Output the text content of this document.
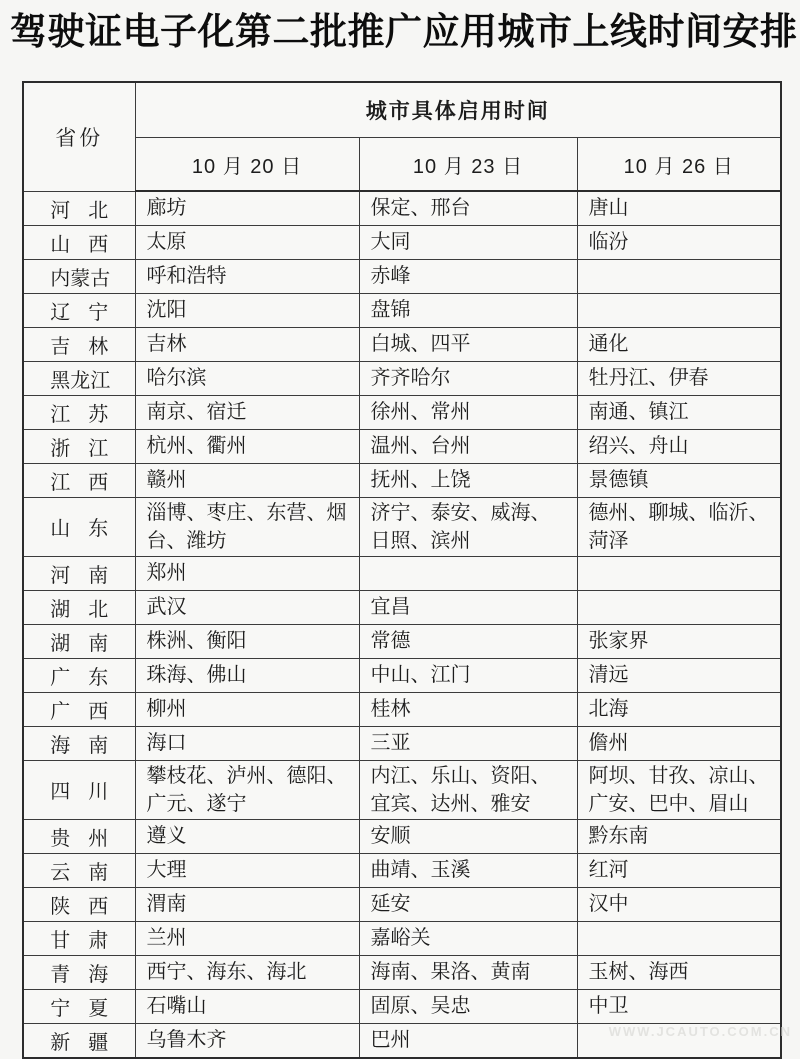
驾驶证电子化第二批推广应用城市上线时间安排
省份	城市具体启用时间		
	10 月 20 日	10 月 23 日	10 月 26 日
河北	廊坊	保定、邢台	唐山
山西	太原	大同	临汾
内蒙古	呼和浩特	赤峰	
辽宁	沈阳	盘锦	
吉林	吉林	白城、四平	通化
黑龙江	哈尔滨	齐齐哈尔	牡丹江、伊春
江苏	南京、宿迁	徐州、常州	南通、镇江
浙江	杭州、衢州	温州、台州	绍兴、舟山
江西	赣州	抚州、上饶	景德镇
山东	淄博、枣庄、东营、烟台、潍坊	济宁、泰安、威海、日照、滨州	德州、聊城、临沂、菏泽
河南	郑州		
湖北	武汉	宜昌	
湖南	株洲、衡阳	常德	张家界
广东	珠海、佛山	中山、江门	清远
广西	柳州	桂林	北海
海南	海口	三亚	儋州
四川	攀枝花、泸州、德阳、广元、遂宁	内江、乐山、资阳、宜宾、达州、雅安	阿坝、甘孜、凉山、广安、巴中、眉山
贵州	遵义	安顺	黔东南
云南	大理	曲靖、玉溪	红河
陕西	渭南	延安	汉中
甘肃	兰州	嘉峪关	
青海	西宁、海东、海北	海南、果洛、黄南	玉树、海西
宁夏	石嘴山	固原、吴忠	中卫
新疆	乌鲁木齐	巴州		WWW.JCAUTO.COM.CN
